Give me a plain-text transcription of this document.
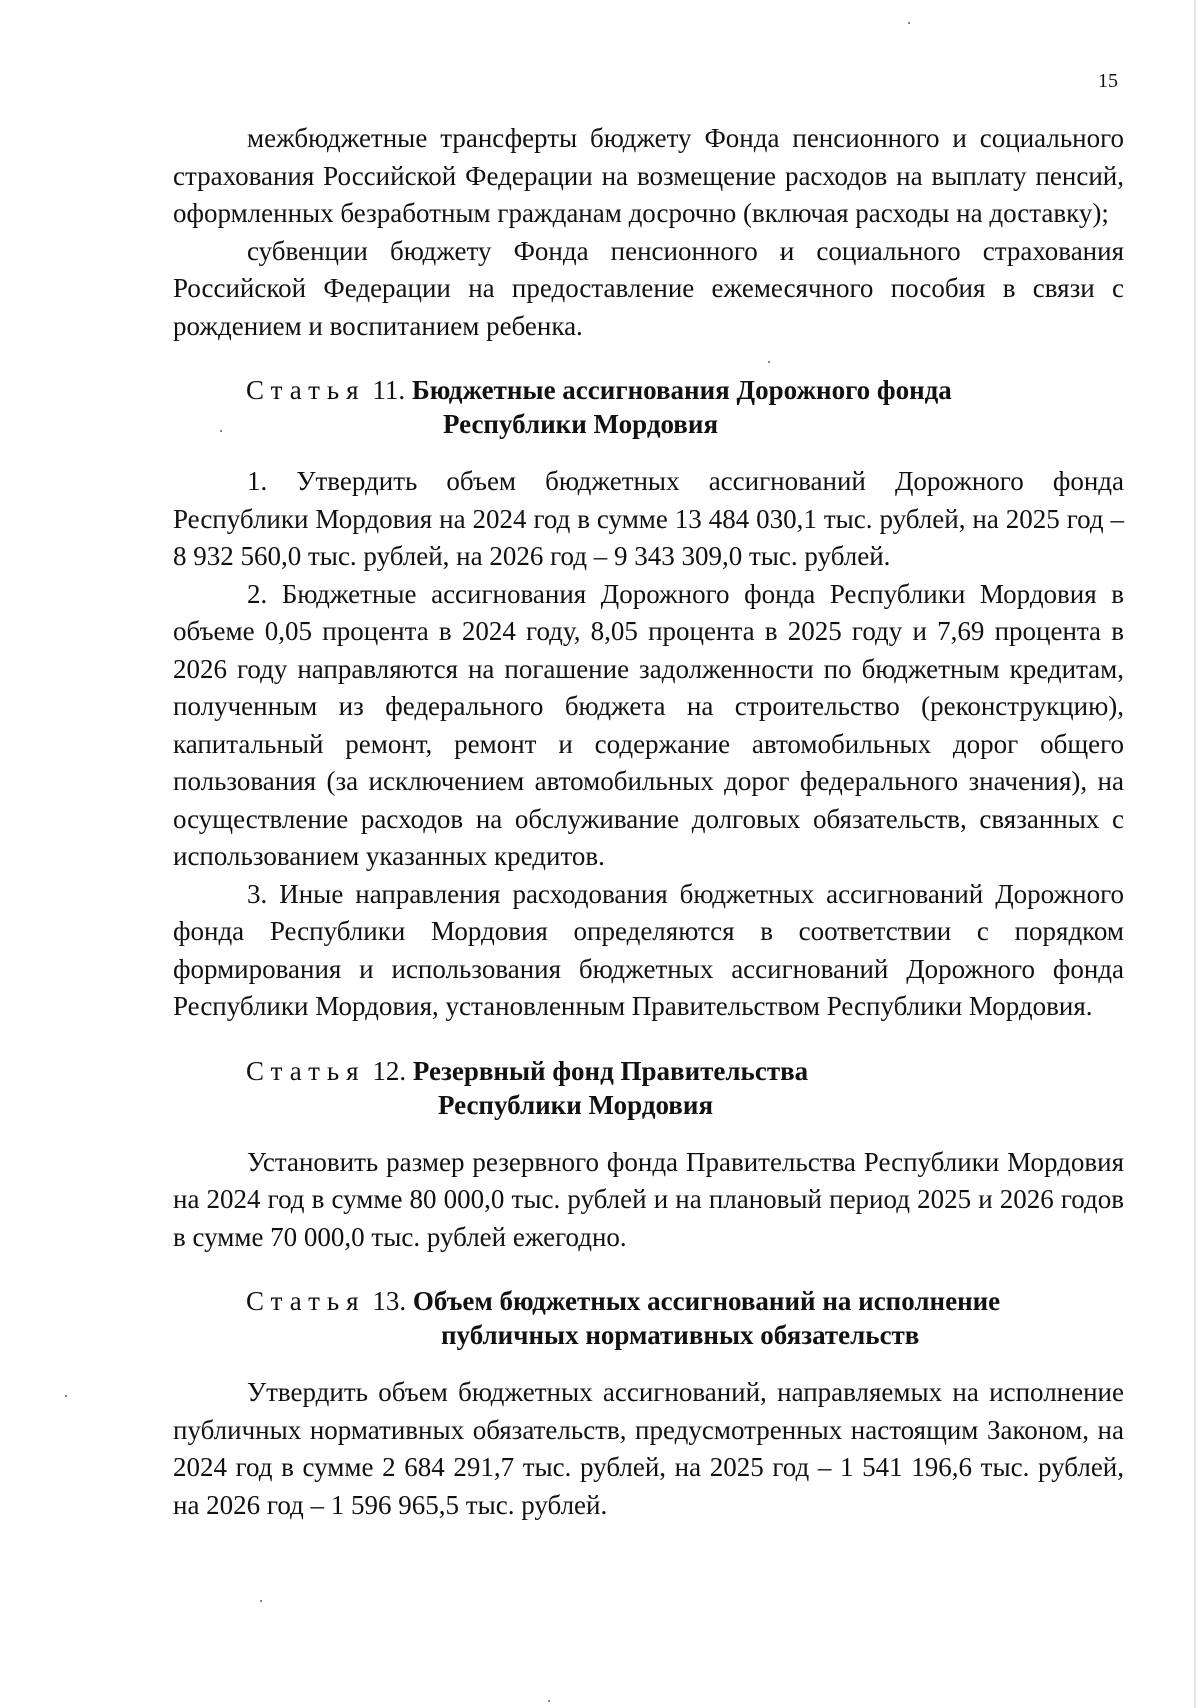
15

межбюджетные трансферты бюджету Фонда пенсионного и социального страхования Российской Федерации на возмещение расходов на выплату пенсий, оформленных безработным гражданам досрочно (включая расходы на доставку);

субвенции бюджету Фонда пенсионного и социального страхования Российской Федерации на предоставление ежемесячного пособия в связи с рождением и воспитанием ребенка.

Статья 11. Бюджетные ассигнования Дорожного фонда
Республики Мордовия

1. Утвердить объем бюджетных ассигнований Дорожного фонда Республики Мордовия на 2024 год в сумме 13 484 030,1 тыс. рублей, на 2025 год – 8 932 560,0 тыс. рублей, на 2026 год – 9 343 309,0 тыс. рублей.

2. Бюджетные ассигнования Дорожного фонда Республики Мордовия в объеме 0,05 процента в 2024 году, 8,05 процента в 2025 году и 7,69 процента в 2026 году направляются на погашение задолженности по бюджетным кредитам, полученным из федерального бюджета на строительство (реконструкцию), капитальный ремонт, ремонт и содержание автомобильных дорог общего пользования (за исключением автомобильных дорог федерального значения), на осуществление расходов на обслуживание долговых обязательств, связанных с использованием указанных кредитов.

3. Иные направления расходования бюджетных ассигнований Дорожного фонда Республики Мордовия определяются в соответствии с порядком формирования и использования бюджетных ассигнований Дорожного фонда Республики Мордовия, установленным Правительством Республики Мордовия.

Статья 12. Резервный фонд Правительства
Республики Мордовия

Установить размер резервного фонда Правительства Республики Мордовия на 2024 год в сумме 80 000,0 тыс. рублей и на плановый период 2025 и 2026 годов в сумме 70 000,0 тыс. рублей ежегодно.

Статья 13. Объем бюджетных ассигнований на исполнение
публичных нормативных обязательств

Утвердить объем бюджетных ассигнований, направляемых на исполнение публичных нормативных обязательств, предусмотренных настоящим Законом, на 2024 год в сумме 2 684 291,7 тыс. рублей, на 2025 год – 1 541 196,6 тыс. рублей, на 2026 год – 1 596 965,5 тыс. рублей.
